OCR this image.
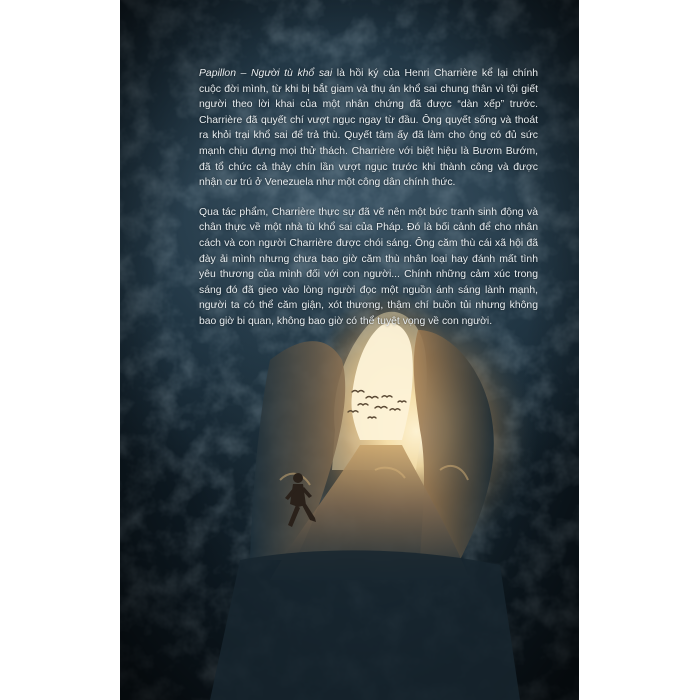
Papillon – Người tù khổ sai là hồi ký của Henri Charrière kể lại chính cuộc đời mình, từ khi bị bắt giam và thụ án khổ sai chung thân vì tội giết người theo lời khai của một nhân chứng đã được “dàn xếp” trước. Charrière đã quyết chí vượt ngục ngay từ đầu. Ông quyết sống và thoát ra khỏi trại khổ sai để trả thù. Quyết tâm ấy đã làm cho ông có đủ sức mạnh chịu đựng mọi thử thách. Charrière với biệt hiệu là Bươm Bướm, đã tổ chức cả thảy chín lần vượt ngục trước khi thành công và được nhận cư trú ở Venezuela như một công dân chính thức.

Qua tác phẩm, Charrière thực sự đã vẽ nên một bức tranh sinh động và chân thực về một nhà tù khổ sai của Pháp. Đó là bối cảnh để cho nhân cách và con người Charrière được chói sáng. Ông căm thù cái xã hội đã đày ải mình nhưng chưa bao giờ căm thù nhân loại hay đánh mất tình yêu thương của mình đối với con người... Chính những cảm xúc trong sáng đó đã gieo vào lòng người đọc một nguồn ánh sáng lành mạnh, người ta có thể căm giận, xót thương, thậm chí buồn tủi nhưng không bao giờ bi quan, không bao giờ có thể tuyệt vọng về con người.
